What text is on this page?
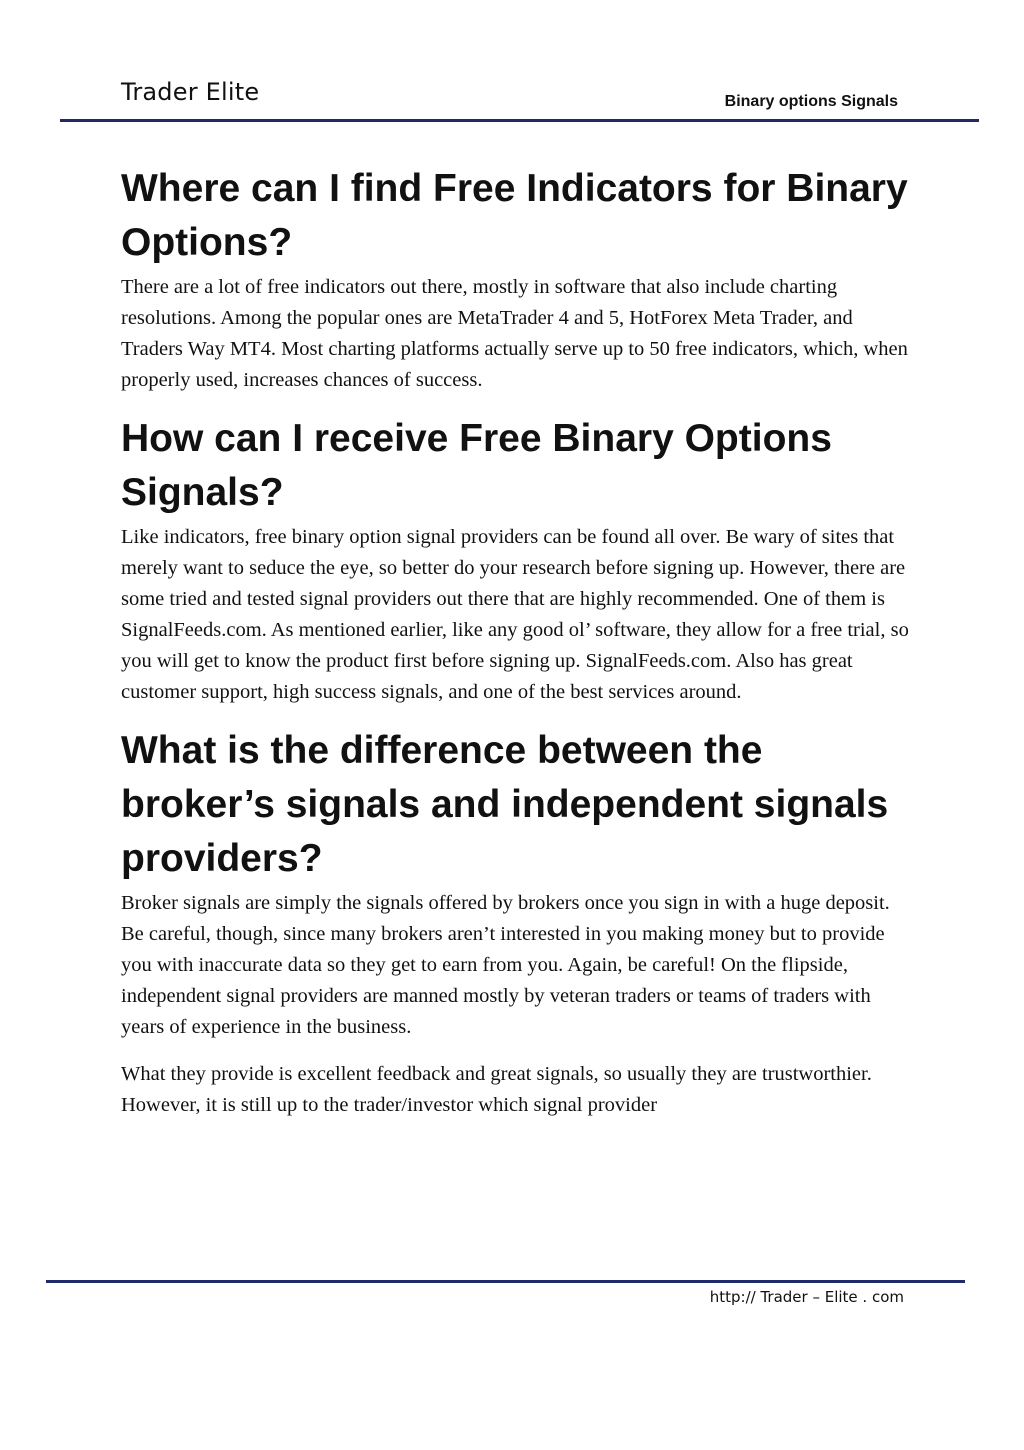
Trader Elite	Binary options Signals
Where can I find Free Indicators for Binary Options?

There are a lot of free indicators out there, mostly in software that also include charting resolutions. Among the popular ones are MetaTrader 4 and 5, HotForex Meta Trader, and Traders Way MT4. Most charting platforms actually serve up to 50 free indicators, which, when properly used, increases chances of success.

How can I receive Free Binary Options Signals?

Like indicators, free binary option signal providers can be found all over. Be wary of sites that merely want to seduce the eye, so better do your research before signing up. However, there are some tried and tested signal providers out there that are highly recommended. One of them is SignalFeeds.com. As mentioned earlier, like any good ol’ software, they allow for a free trial, so you will get to know the product first before signing up. SignalFeeds.com. Also has great customer support, high success signals, and one of the best services around.

What is the difference between the broker’s signals and independent signals providers?

Broker signals are simply the signals offered by brokers once you sign in with a huge deposit. Be careful, though, since many brokers aren’t interested in you making money but to provide you with inaccurate data so they get to earn from you. Again, be careful! On the flipside, independent signal providers are manned mostly by veteran traders or teams of traders with years of experience in the business.

What they provide is excellent feedback and great signals, so usually they are trustworthier. However, it is still up to the trader/investor which signal provider

http:// Trader – Elite . com
